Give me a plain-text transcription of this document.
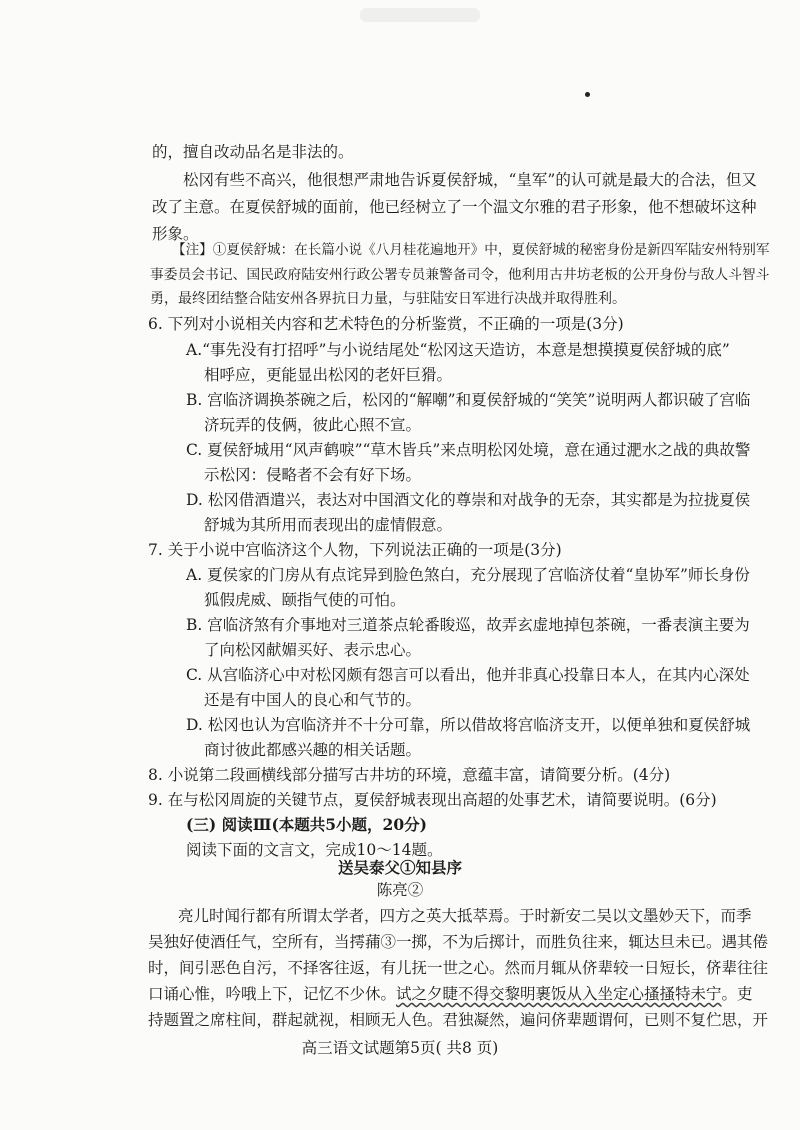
的，擅自改动品名是非法的。
松冈有些不高兴，他很想严肃地告诉夏侯舒城，“皇军”的认可就是最大的合法，但又
改了主意。在夏侯舒城的面前，他已经树立了一个温文尔雅的君子形象，他不想破坏这种
形象。
【注】①夏侯舒城：在长篇小说《八月桂花遍地开》中，夏侯舒城的秘密身份是新四军陆安州特别军
事委员会书记、国民政府陆安州行政公署专员兼警备司令，他利用古井坊老板的公开身份与敌人斗智斗
勇，最终团结整合陆安州各界抗日力量，与驻陆安日军进行决战并取得胜利。
6. 下列对小说相关内容和艺术特色的分析鉴赏，不正确的一项是(3分)
A.“事先没有打招呼”与小说结尾处“松冈这天造访，本意是想摸摸夏侯舒城的底”
相呼应，更能显出松冈的老奸巨猾。
B. 宫临济调换茶碗之后，松冈的“解嘲”和夏侯舒城的“笑笑”说明两人都识破了宫临
济玩弄的伎俩，彼此心照不宣。
C. 夏侯舒城用“风声鹤唳”“草木皆兵”来点明松冈处境，意在通过淝水之战的典故警
示松冈：侵略者不会有好下场。
D. 松冈借酒遣兴，表达对中国酒文化的尊崇和对战争的无奈，其实都是为拉拢夏侯
舒城为其所用而表现出的虚情假意。
7. 关于小说中宫临济这个人物，下列说法正确的一项是(3分)
A. 夏侯家的门房从有点诧异到脸色煞白，充分展现了宫临济仗着“皇协军”师长身份
狐假虎威、颐指气使的可怕。
B. 宫临济煞有介事地对三道茶点轮番睃巡，故弄玄虚地掉包茶碗，一番表演主要为
了向松冈献媚买好、表示忠心。
C. 从宫临济心中对松冈颇有怨言可以看出，他并非真心投靠日本人，在其内心深处
还是有中国人的良心和气节的。
D. 松冈也认为宫临济并不十分可靠，所以借故将宫临济支开，以便单独和夏侯舒城
商讨彼此都感兴趣的相关话题。
8. 小说第二段画横线部分描写古井坊的环境，意蕴丰富，请简要分析。(4分)
9. 在与松冈周旋的关键节点，夏侯舒城表现出高超的处事艺术，请简要说明。(6分)
(三) 阅读Ⅲ(本题共5小题，20分)
阅读下面的文言文，完成10～14题。
送吴泰父①知县序
陈亮②
亮儿时闻行都有所谓太学者，四方之英大抵萃焉。于时新安二吴以文墨妙天下，而季
吴独好使酒任气，空所有，当摴蒱③一掷，不为后掷计，而胜负往来，辄达旦未已。遇其倦
时，间引恶色自污，不择客往返，有儿抚一世之心。然而月辄从侪辈较一日短长，侪辈往往
口诵心惟，吟哦上下，记忆不少休。试之夕睫不得交黎明裹饭从入坐定心搔搔特未宁。吏
持题置之席柱间，群起就视，相顾无人色。君独凝然，遍问侪辈题谓何，已则不复伫思，开
高三语文试题第5页( 共8 页)
